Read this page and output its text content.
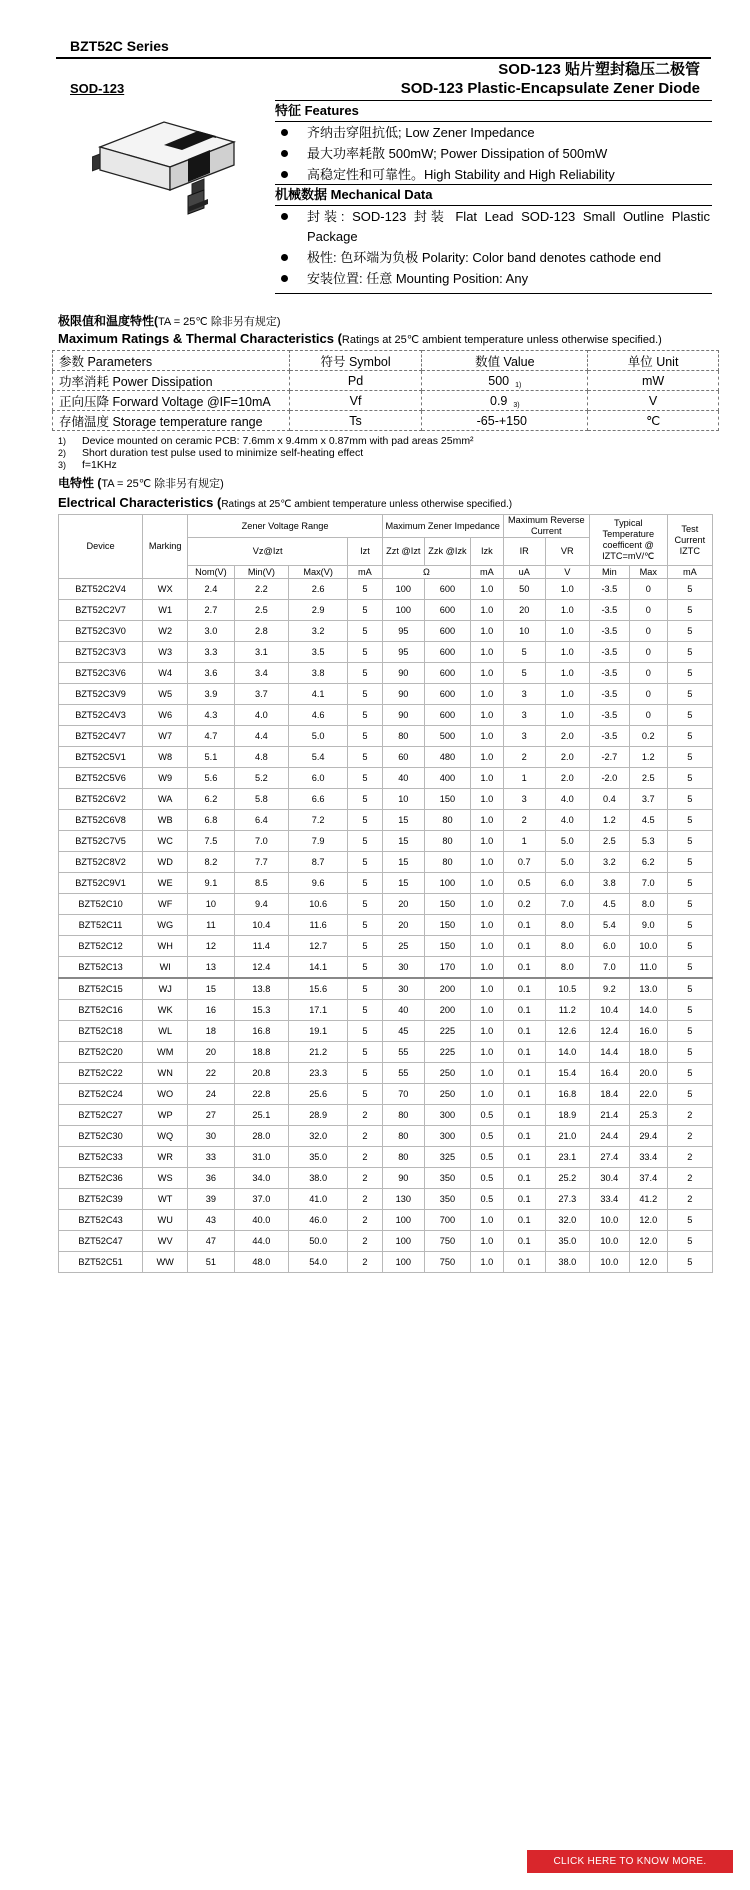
BZT52C Series
SOD-123 贴片塑封稳压二极管
SOD-123 Plastic-Encapsulate Zener Diode
SOD-123
特征 Features
齐纳击穿阻抗低; Low Zener Impedance
最大功率耗散 500mW; Power Dissipation of 500mW
高稳定性和可靠性。High Stability and High Reliability
机械数据 Mechanical Data
封装: SOD-123 封装 Flat Lead SOD-123 Small Outline Plastic Package
极性: 色环端为负极 Polarity: Color band denotes cathode end
安装位置: 任意 Mounting Position: Any
极限值和温度特性(TA = 25℃ 除非另有规定)
Maximum Ratings & Thermal Characteristics (Ratings at 25℃ ambient temperature unless otherwise specified.)
参数 Parameters	符号 Symbol	数值 Value	单位 Unit
功率消耗 Power Dissipation	Pd	500 $^{1)}$	mW
正向压降 Forward Voltage @IF=10mA	Vf	0.9 $^{3)}$	V
存储温度 Storage temperature range	Ts	-65-+150	℃
1) Device mounted on ceramic PCB: 7.6mm x 9.4mm x 0.87mm with pad areas 25mm²
2) Short duration test pulse used to minimize self-heating effect
3) f=1KHz
电特性 (TA = 25℃ 除非另有规定)
Electrical Characteristics (Ratings at 25℃ ambient temperature unless otherwise specified.)
Device	Marking	Zener Voltage Range				Maximum Zener Impedance			Maximum Reverse Current		Typical Temperature coefficent @ IZTC=mV/℃		Test Current IZTC
		Vz@Izt			Izt	Zzt @Izt	Zzk @Izk	Izk	IR	VR			
		Nom(V)	Min(V)	Max(V)	mA	Ω		mA	uA	V	Min	Max	mA
BZT52C2V4	WX	2.4	2.2	2.6	5	100	600	1.0	50	1.0	-3.5	0	5
BZT52C2V7	W1	2.7	2.5	2.9	5	100	600	1.0	20	1.0	-3.5	0	5
BZT52C3V0	W2	3.0	2.8	3.2	5	95	600	1.0	10	1.0	-3.5	0	5
BZT52C3V3	W3	3.3	3.1	3.5	5	95	600	1.0	5	1.0	-3.5	0	5
BZT52C3V6	W4	3.6	3.4	3.8	5	90	600	1.0	5	1.0	-3.5	0	5
BZT52C3V9	W5	3.9	3.7	4.1	5	90	600	1.0	3	1.0	-3.5	0	5
BZT52C4V3	W6	4.3	4.0	4.6	5	90	600	1.0	3	1.0	-3.5	0	5
BZT52C4V7	W7	4.7	4.4	5.0	5	80	500	1.0	3	2.0	-3.5	0.2	5
BZT52C5V1	W8	5.1	4.8	5.4	5	60	480	1.0	2	2.0	-2.7	1.2	5
BZT52C5V6	W9	5.6	5.2	6.0	5	40	400	1.0	1	2.0	-2.0	2.5	5
BZT52C6V2	WA	6.2	5.8	6.6	5	10	150	1.0	3	4.0	0.4	3.7	5
BZT52C6V8	WB	6.8	6.4	7.2	5	15	80	1.0	2	4.0	1.2	4.5	5
BZT52C7V5	WC	7.5	7.0	7.9	5	15	80	1.0	1	5.0	2.5	5.3	5
BZT52C8V2	WD	8.2	7.7	8.7	5	15	80	1.0	0.7	5.0	3.2	6.2	5
BZT52C9V1	WE	9.1	8.5	9.6	5	15	100	1.0	0.5	6.0	3.8	7.0	5
BZT52C10	WF	10	9.4	10.6	5	20	150	1.0	0.2	7.0	4.5	8.0	5
BZT52C11	WG	11	10.4	11.6	5	20	150	1.0	0.1	8.0	5.4	9.0	5
BZT52C12	WH	12	11.4	12.7	5	25	150	1.0	0.1	8.0	6.0	10.0	5
BZT52C13	WI	13	12.4	14.1	5	30	170	1.0	0.1	8.0	7.0	11.0	5
BZT52C15	WJ	15	13.8	15.6	5	30	200	1.0	0.1	10.5	9.2	13.0	5
BZT52C16	WK	16	15.3	17.1	5	40	200	1.0	0.1	11.2	10.4	14.0	5
BZT52C18	WL	18	16.8	19.1	5	45	225	1.0	0.1	12.6	12.4	16.0	5
BZT52C20	WM	20	18.8	21.2	5	55	225	1.0	0.1	14.0	14.4	18.0	5
BZT52C22	WN	22	20.8	23.3	5	55	250	1.0	0.1	15.4	16.4	20.0	5
BZT52C24	WO	24	22.8	25.6	5	70	250	1.0	0.1	16.8	18.4	22.0	5
BZT52C27	WP	27	25.1	28.9	2	80	300	0.5	0.1	18.9	21.4	25.3	2
BZT52C30	WQ	30	28.0	32.0	2	80	300	0.5	0.1	21.0	24.4	29.4	2
BZT52C33	WR	33	31.0	35.0	2	80	325	0.5	0.1	23.1	27.4	33.4	2
BZT52C36	WS	36	34.0	38.0	2	90	350	0.5	0.1	25.2	30.4	37.4	2
BZT52C39	WT	39	37.0	41.0	2	130	350	0.5	0.1	27.3	33.4	41.2	2
BZT52C43	WU	43	40.0	46.0	2	100	700	1.0	0.1	32.0	10.0	12.0	5
BZT52C47	WV	47	44.0	50.0	2	100	750	1.0	0.1	35.0	10.0	12.0	5
BZT52C51	WW	51	48.0	54.0	2	100	750	1.0	0.1	38.0	10.0	12.0	5
CLICK HERE TO KNOW MORE.
